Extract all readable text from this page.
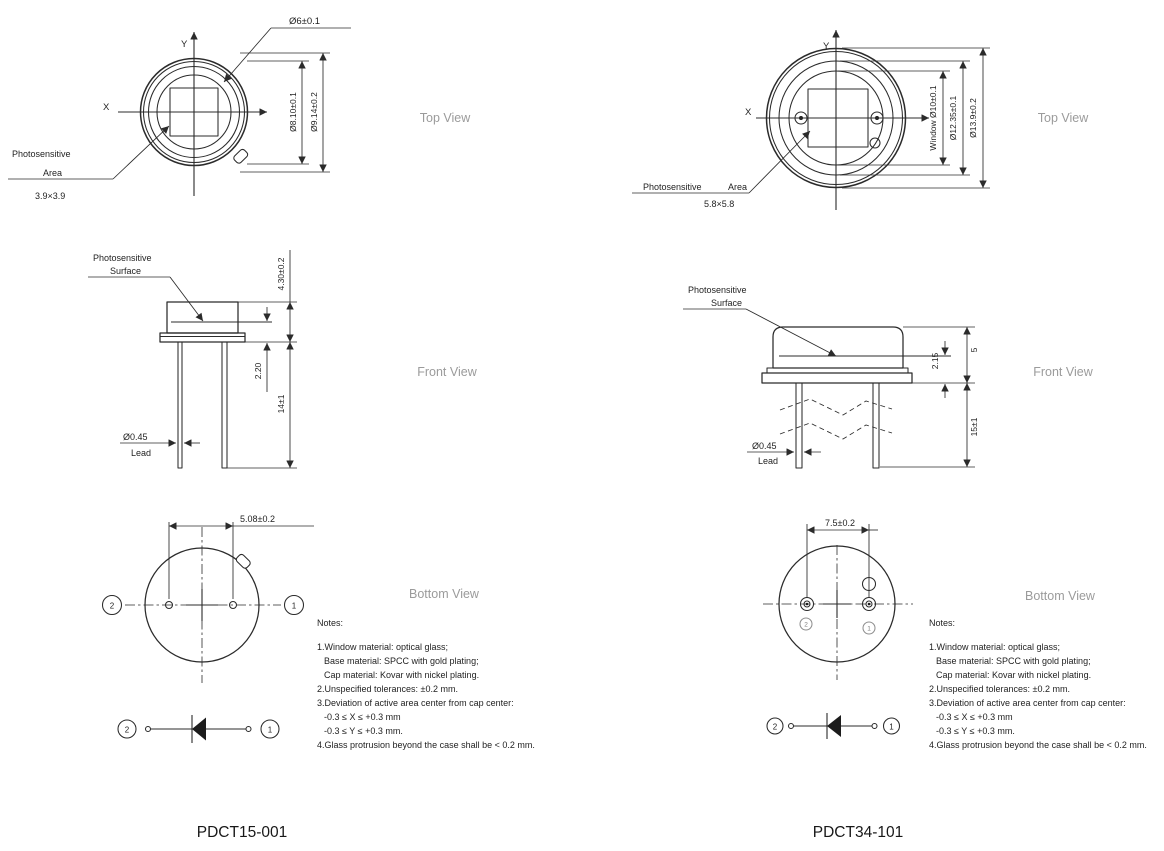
X
Y
Ø6±0.1
Ø8.10±0.1 Ø9.14±0.2
Photosensitive
Area
3.9×3.9
Photosensitive
Surface
2.20
4.30±0.2
14±1
Ø0.45
Lead
2	1
5.08±0.2
2	1
X
Y
Window Ø10±0.1 Ø12.35±0.1 Ø13.9±0.2
Photosensitive	Area
5.8×5.8
Photosensitive
Surface
2.15
5
15±1
Ø0.45
Lead
2
1
7.5±0.2
2	1
Top View
Front View
Bottom View
Top View
Front View
Bottom View
Notes:
1.Window material: optical glass;
Base material: SPCC with gold plating;
Cap material: Kovar with nickel plating.
2.Unspecified tolerances: ±0.2 mm.
3.Deviation of active area center from cap center:
-0.3 ≤ X ≤ +0.3 mm
-0.3 ≤ Y ≤ +0.3 mm.
4.Glass protrusion beyond the case shall be < 0.2 mm.
Notes:
1.Window material: optical glass;
Base material: SPCC with gold plating;
Cap material: Kovar with nickel plating.
2.Unspecified tolerances: ±0.2 mm.
3.Deviation of active area center from cap center:
-0.3 ≤ X ≤ +0.3 mm
-0.3 ≤ Y ≤ +0.3 mm.
4.Glass protrusion beyond the case shall be < 0.2 mm.
PDCT15-001	PDCT34-101
